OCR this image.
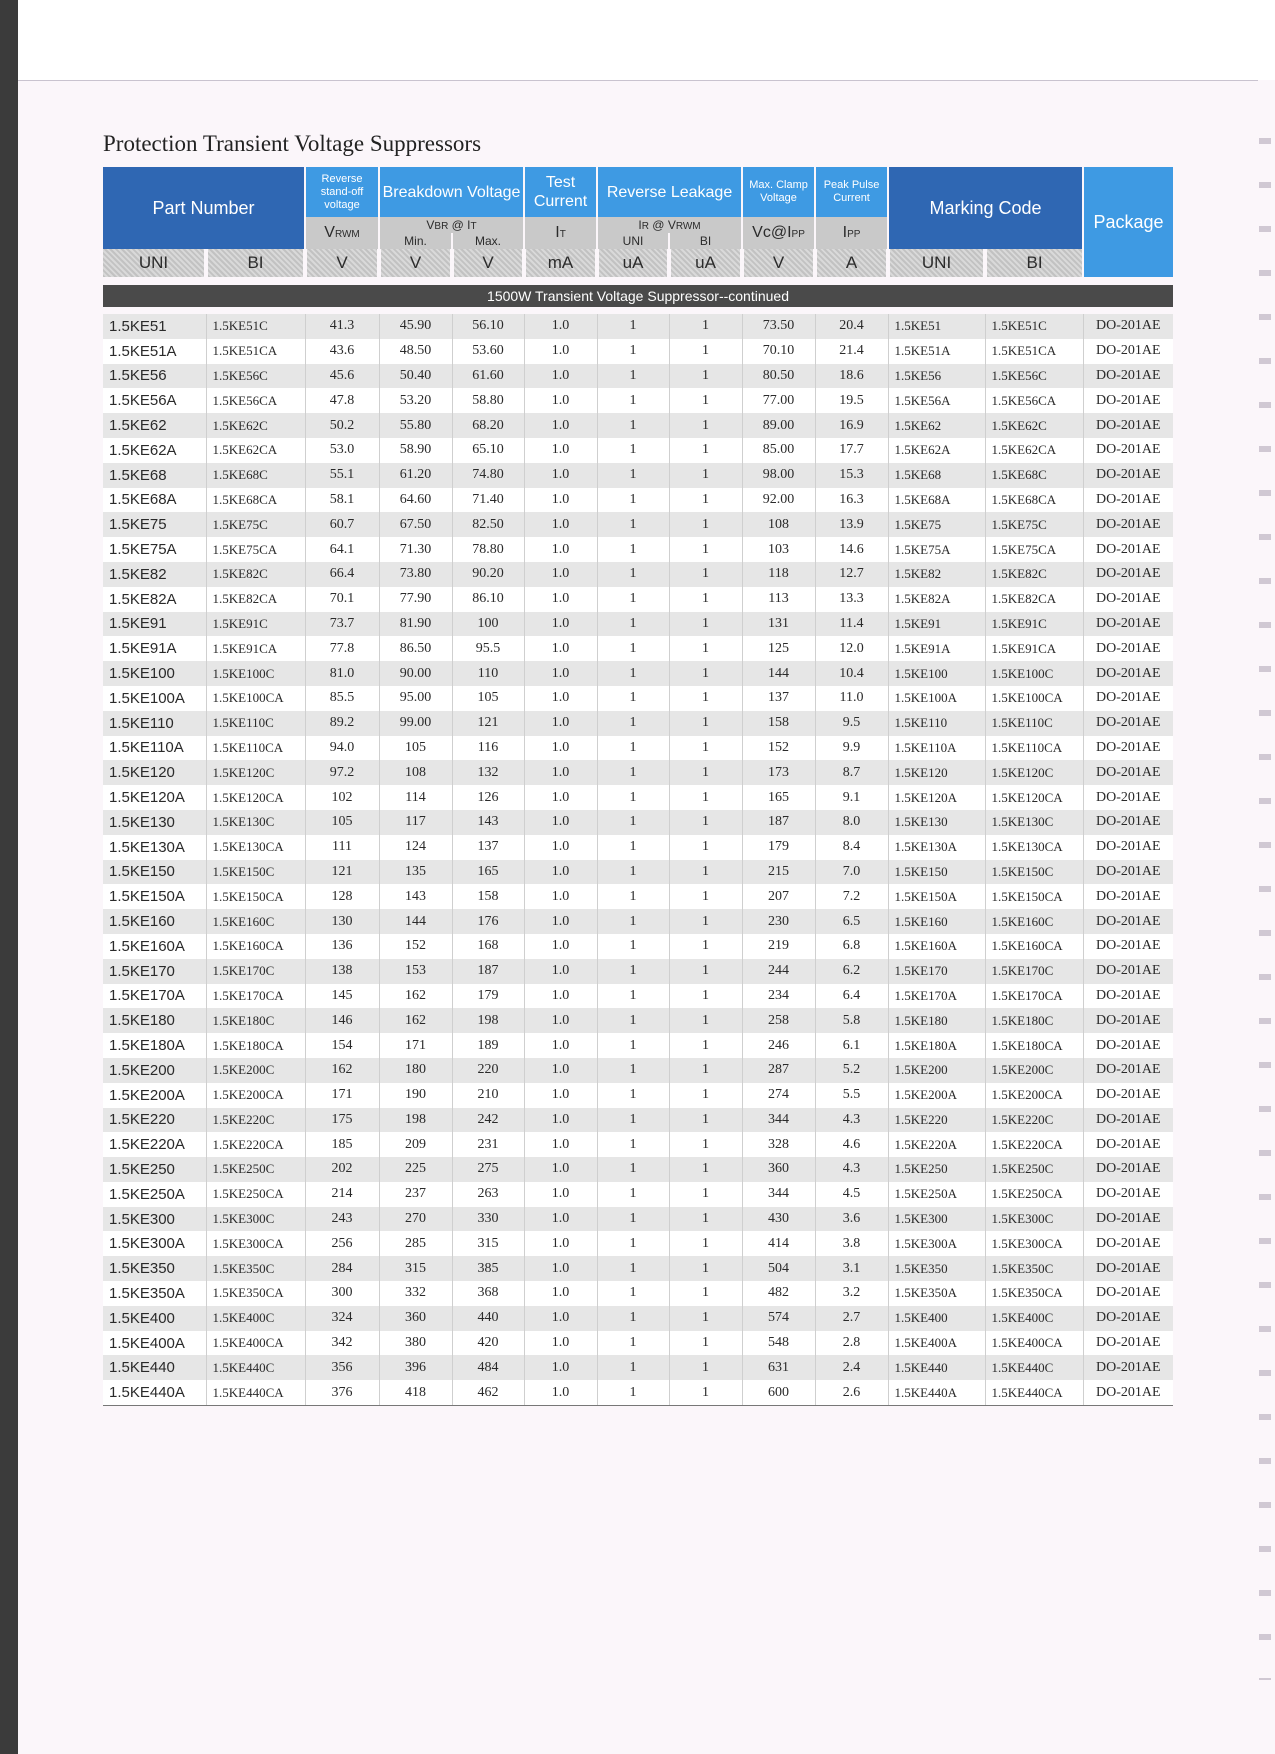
Protection Transient Voltage Suppressors
Part Number		Reverse stand-off voltage	Breakdown Voltage		Test Current	Reverse Leakage		Max. Clamp Voltage	Peak Pulse Current	Marking Code		Package
		VRWM	VBR @ IT		IT	IR @ VRWM		Vc@IPP	IPP			
			Min.	Max.		UNI	BI					
UNI	BI	V	V	V	mA	uA	uA	V	A	UNI	BI	

1500W Transient Voltage Suppressor--continued												

1.5KE51	1.5KE51C	41.3	45.90	56.10	1.0	1	1	73.50	20.4	1.5KE51	1.5KE51C	DO-201AE
1.5KE51A	1.5KE51CA	43.6	48.50	53.60	1.0	1	1	70.10	21.4	1.5KE51A	1.5KE51CA	DO-201AE
1.5KE56	1.5KE56C	45.6	50.40	61.60	1.0	1	1	80.50	18.6	1.5KE56	1.5KE56C	DO-201AE
1.5KE56A	1.5KE56CA	47.8	53.20	58.80	1.0	1	1	77.00	19.5	1.5KE56A	1.5KE56CA	DO-201AE
1.5KE62	1.5KE62C	50.2	55.80	68.20	1.0	1	1	89.00	16.9	1.5KE62	1.5KE62C	DO-201AE
1.5KE62A	1.5KE62CA	53.0	58.90	65.10	1.0	1	1	85.00	17.7	1.5KE62A	1.5KE62CA	DO-201AE
1.5KE68	1.5KE68C	55.1	61.20	74.80	1.0	1	1	98.00	15.3	1.5KE68	1.5KE68C	DO-201AE
1.5KE68A	1.5KE68CA	58.1	64.60	71.40	1.0	1	1	92.00	16.3	1.5KE68A	1.5KE68CA	DO-201AE
1.5KE75	1.5KE75C	60.7	67.50	82.50	1.0	1	1	108	13.9	1.5KE75	1.5KE75C	DO-201AE
1.5KE75A	1.5KE75CA	64.1	71.30	78.80	1.0	1	1	103	14.6	1.5KE75A	1.5KE75CA	DO-201AE
1.5KE82	1.5KE82C	66.4	73.80	90.20	1.0	1	1	118	12.7	1.5KE82	1.5KE82C	DO-201AE
1.5KE82A	1.5KE82CA	70.1	77.90	86.10	1.0	1	1	113	13.3	1.5KE82A	1.5KE82CA	DO-201AE
1.5KE91	1.5KE91C	73.7	81.90	100	1.0	1	1	131	11.4	1.5KE91	1.5KE91C	DO-201AE
1.5KE91A	1.5KE91CA	77.8	86.50	95.5	1.0	1	1	125	12.0	1.5KE91A	1.5KE91CA	DO-201AE
1.5KE100	1.5KE100C	81.0	90.00	110	1.0	1	1	144	10.4	1.5KE100	1.5KE100C	DO-201AE
1.5KE100A	1.5KE100CA	85.5	95.00	105	1.0	1	1	137	11.0	1.5KE100A	1.5KE100CA	DO-201AE
1.5KE110	1.5KE110C	89.2	99.00	121	1.0	1	1	158	9.5	1.5KE110	1.5KE110C	DO-201AE
1.5KE110A	1.5KE110CA	94.0	105	116	1.0	1	1	152	9.9	1.5KE110A	1.5KE110CA	DO-201AE
1.5KE120	1.5KE120C	97.2	108	132	1.0	1	1	173	8.7	1.5KE120	1.5KE120C	DO-201AE
1.5KE120A	1.5KE120CA	102	114	126	1.0	1	1	165	9.1	1.5KE120A	1.5KE120CA	DO-201AE
1.5KE130	1.5KE130C	105	117	143	1.0	1	1	187	8.0	1.5KE130	1.5KE130C	DO-201AE
1.5KE130A	1.5KE130CA	111	124	137	1.0	1	1	179	8.4	1.5KE130A	1.5KE130CA	DO-201AE
1.5KE150	1.5KE150C	121	135	165	1.0	1	1	215	7.0	1.5KE150	1.5KE150C	DO-201AE
1.5KE150A	1.5KE150CA	128	143	158	1.0	1	1	207	7.2	1.5KE150A	1.5KE150CA	DO-201AE
1.5KE160	1.5KE160C	130	144	176	1.0	1	1	230	6.5	1.5KE160	1.5KE160C	DO-201AE
1.5KE160A	1.5KE160CA	136	152	168	1.0	1	1	219	6.8	1.5KE160A	1.5KE160CA	DO-201AE
1.5KE170	1.5KE170C	138	153	187	1.0	1	1	244	6.2	1.5KE170	1.5KE170C	DO-201AE
1.5KE170A	1.5KE170CA	145	162	179	1.0	1	1	234	6.4	1.5KE170A	1.5KE170CA	DO-201AE
1.5KE180	1.5KE180C	146	162	198	1.0	1	1	258	5.8	1.5KE180	1.5KE180C	DO-201AE
1.5KE180A	1.5KE180CA	154	171	189	1.0	1	1	246	6.1	1.5KE180A	1.5KE180CA	DO-201AE
1.5KE200	1.5KE200C	162	180	220	1.0	1	1	287	5.2	1.5KE200	1.5KE200C	DO-201AE
1.5KE200A	1.5KE200CA	171	190	210	1.0	1	1	274	5.5	1.5KE200A	1.5KE200CA	DO-201AE
1.5KE220	1.5KE220C	175	198	242	1.0	1	1	344	4.3	1.5KE220	1.5KE220C	DO-201AE
1.5KE220A	1.5KE220CA	185	209	231	1.0	1	1	328	4.6	1.5KE220A	1.5KE220CA	DO-201AE
1.5KE250	1.5KE250C	202	225	275	1.0	1	1	360	4.3	1.5KE250	1.5KE250C	DO-201AE
1.5KE250A	1.5KE250CA	214	237	263	1.0	1	1	344	4.5	1.5KE250A	1.5KE250CA	DO-201AE
1.5KE300	1.5KE300C	243	270	330	1.0	1	1	430	3.6	1.5KE300	1.5KE300C	DO-201AE
1.5KE300A	1.5KE300CA	256	285	315	1.0	1	1	414	3.8	1.5KE300A	1.5KE300CA	DO-201AE
1.5KE350	1.5KE350C	284	315	385	1.0	1	1	504	3.1	1.5KE350	1.5KE350C	DO-201AE
1.5KE350A	1.5KE350CA	300	332	368	1.0	1	1	482	3.2	1.5KE350A	1.5KE350CA	DO-201AE
1.5KE400	1.5KE400C	324	360	440	1.0	1	1	574	2.7	1.5KE400	1.5KE400C	DO-201AE
1.5KE400A	1.5KE400CA	342	380	420	1.0	1	1	548	2.8	1.5KE400A	1.5KE400CA	DO-201AE
1.5KE440	1.5KE440C	356	396	484	1.0	1	1	631	2.4	1.5KE440	1.5KE440C	DO-201AE
1.5KE440A	1.5KE440CA	376	418	462	1.0	1	1	600	2.6	1.5KE440A	1.5KE440CA	DO-201AE
